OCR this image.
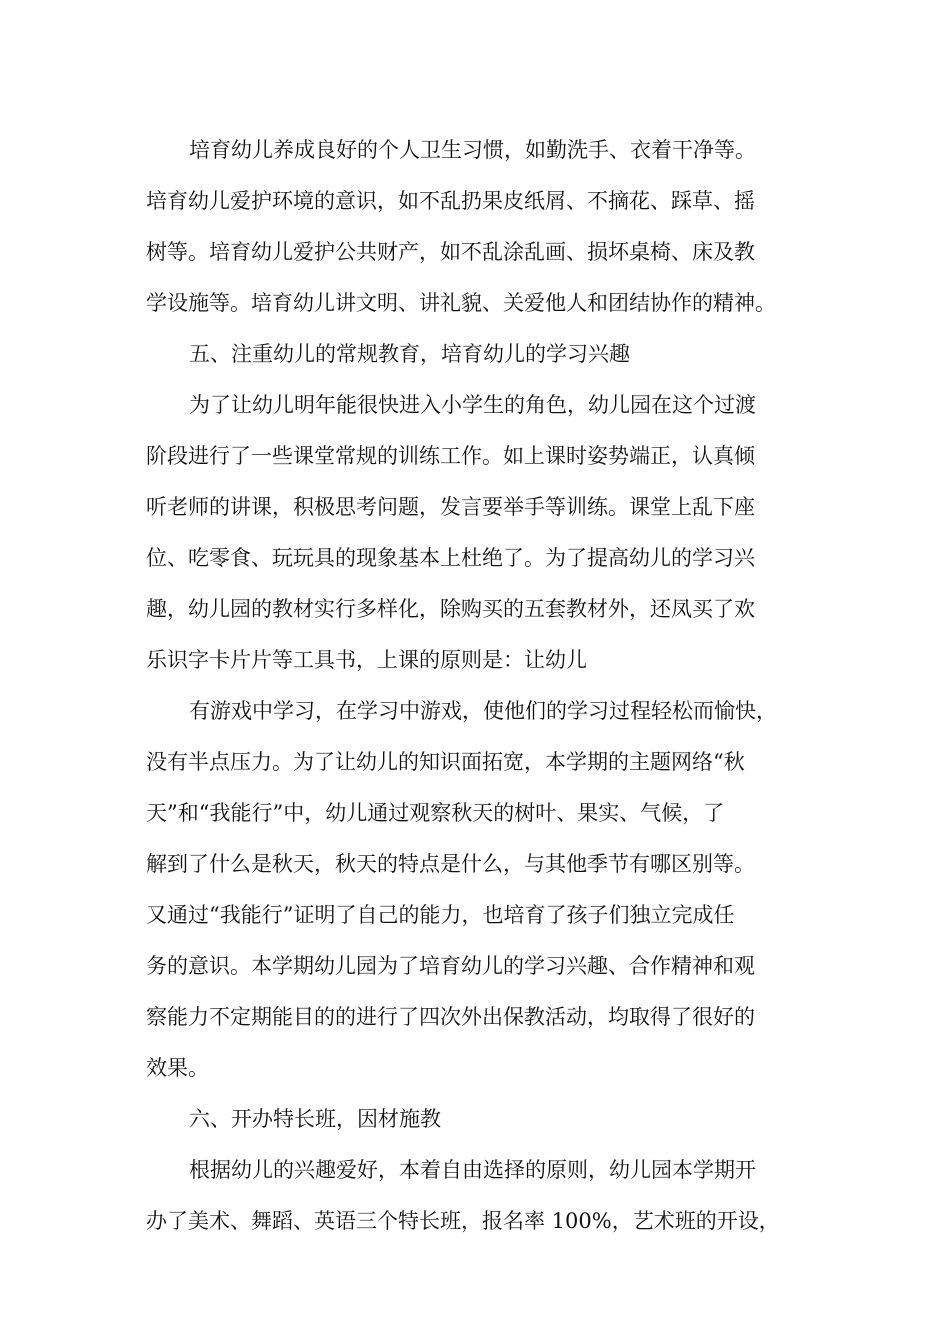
培育幼儿养成良好的个人卫生习惯，如勤洗手、衣着干净等。

培育幼儿爱护环境的意识，如不乱扔果皮纸屑、不摘花、踩草、摇

树等。培育幼儿爱护公共财产，如不乱涂乱画、损坏桌椅、床及教

学设施等。培育幼儿讲文明、讲礼貌、关爱他人和团结协作的精神。

五、注重幼儿的常规教育，培育幼儿的学习兴趣

为了让幼儿明年能很快进入小学生的角色，幼儿园在这个过渡

阶段进行了一些课堂常规的训练工作。如上课时姿势端正，认真倾

听老师的讲课，积极思考问题，发言要举手等训练。课堂上乱下座

位、吃零食、玩玩具的现象基本上杜绝了。为了提高幼儿的学习兴

趣，幼儿园的教材实行多样化，除购买的五套教材外，还凤买了欢

乐识字卡片片等工具书，上课的原则是：让幼儿

有游戏中学习，在学习中游戏，使他们的学习过程轻松而愉快，

没有半点压力。为了让幼儿的知识面拓宽，本学期的主题网络“秋

天”和“我能行”中，幼儿通过观察秋天的树叶、果实、气候，了

解到了什么是秋天，秋天的特点是什么，与其他季节有哪区别等。

又通过“我能行”证明了自己的能力，也培育了孩子们独立完成任

务的意识。本学期幼儿园为了培育幼儿的学习兴趣、合作精神和观

察能力不定期能目的的进行了四次外出保教活动，均取得了很好的

效果。

六、开办特长班，因材施教

根据幼儿的兴趣爱好，本着自由选择的原则，幼儿园本学期开

办了美术、舞蹈、英语三个特长班，报名率 100%，艺术班的开设，
